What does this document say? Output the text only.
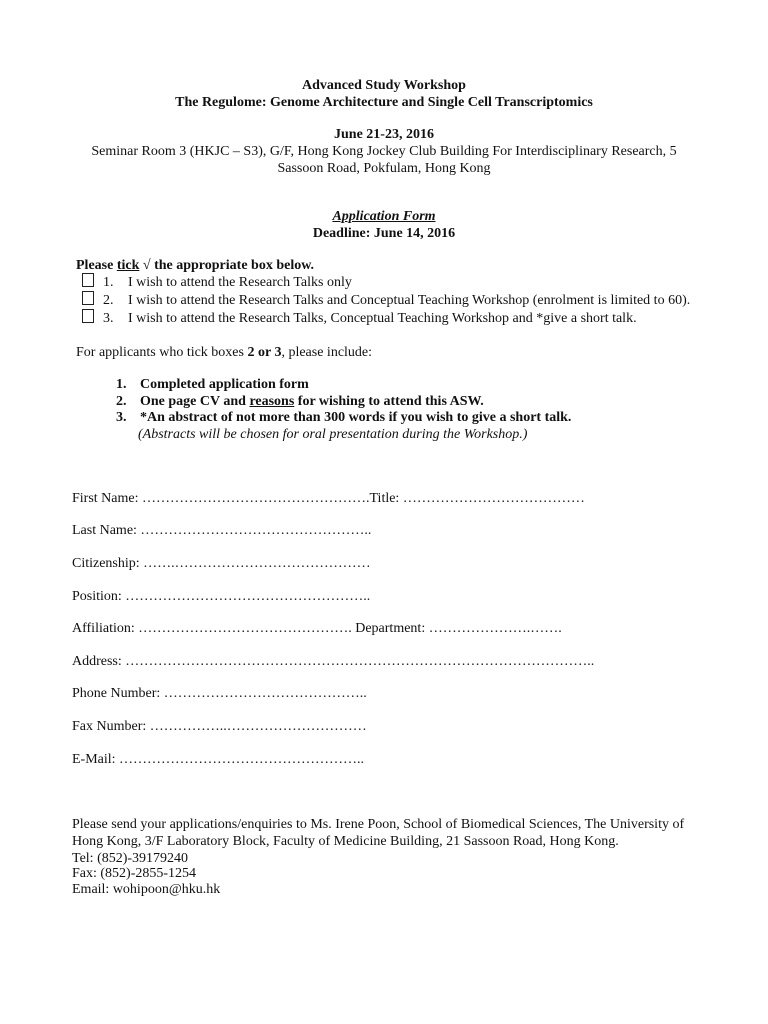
Advanced Study Workshop
The Regulome: Genome Architecture and Single Cell Transcriptomics
June 21-23, 2016
Seminar Room 3 (HKJC – S3), G/F, Hong Kong Jockey Club Building For Interdisciplinary Research, 5
Sassoon Road, Pokfulam, Hong Kong
Application Form
Deadline: June 14, 2016
Please tick √ the appropriate box below.
1. I wish to attend the Research Talks only
2. I wish to attend the Research Talks and Conceptual Teaching Workshop (enrolment is limited to 60).
3. I wish to attend the Research Talks, Conceptual Teaching Workshop and *give a short talk.
For applicants who tick boxes 2 or 3, please include:
1. Completed application form
2. One page CV and reasons for wishing to attend this ASW.
3. *An abstract of not more than 300 words if you wish to give a short talk.
(Abstracts will be chosen for oral presentation during the Workshop.)
First Name: ………………………………………….Title: …………………………………
Last Name: …………………………………………..
Citizenship: …….……………………………………
Position: ……………………………………………..
Affiliation: ………………………………………. Department: ………………….…….
Address: ………………………………………………………………………………………..
Phone Number: ……………………………………..
Fax Number: ……………..…………………………
E-Mail: ……………………………………………..
Please send your applications/enquiries to Ms. Irene Poon, School of Biomedical Sciences, The University of
Hong Kong, 3/F Laboratory Block, Faculty of Medicine Building, 21 Sassoon Road, Hong Kong.
Tel: (852)-39179240
Fax: (852)-2855-1254
Email: wohipoon@hku.hk
